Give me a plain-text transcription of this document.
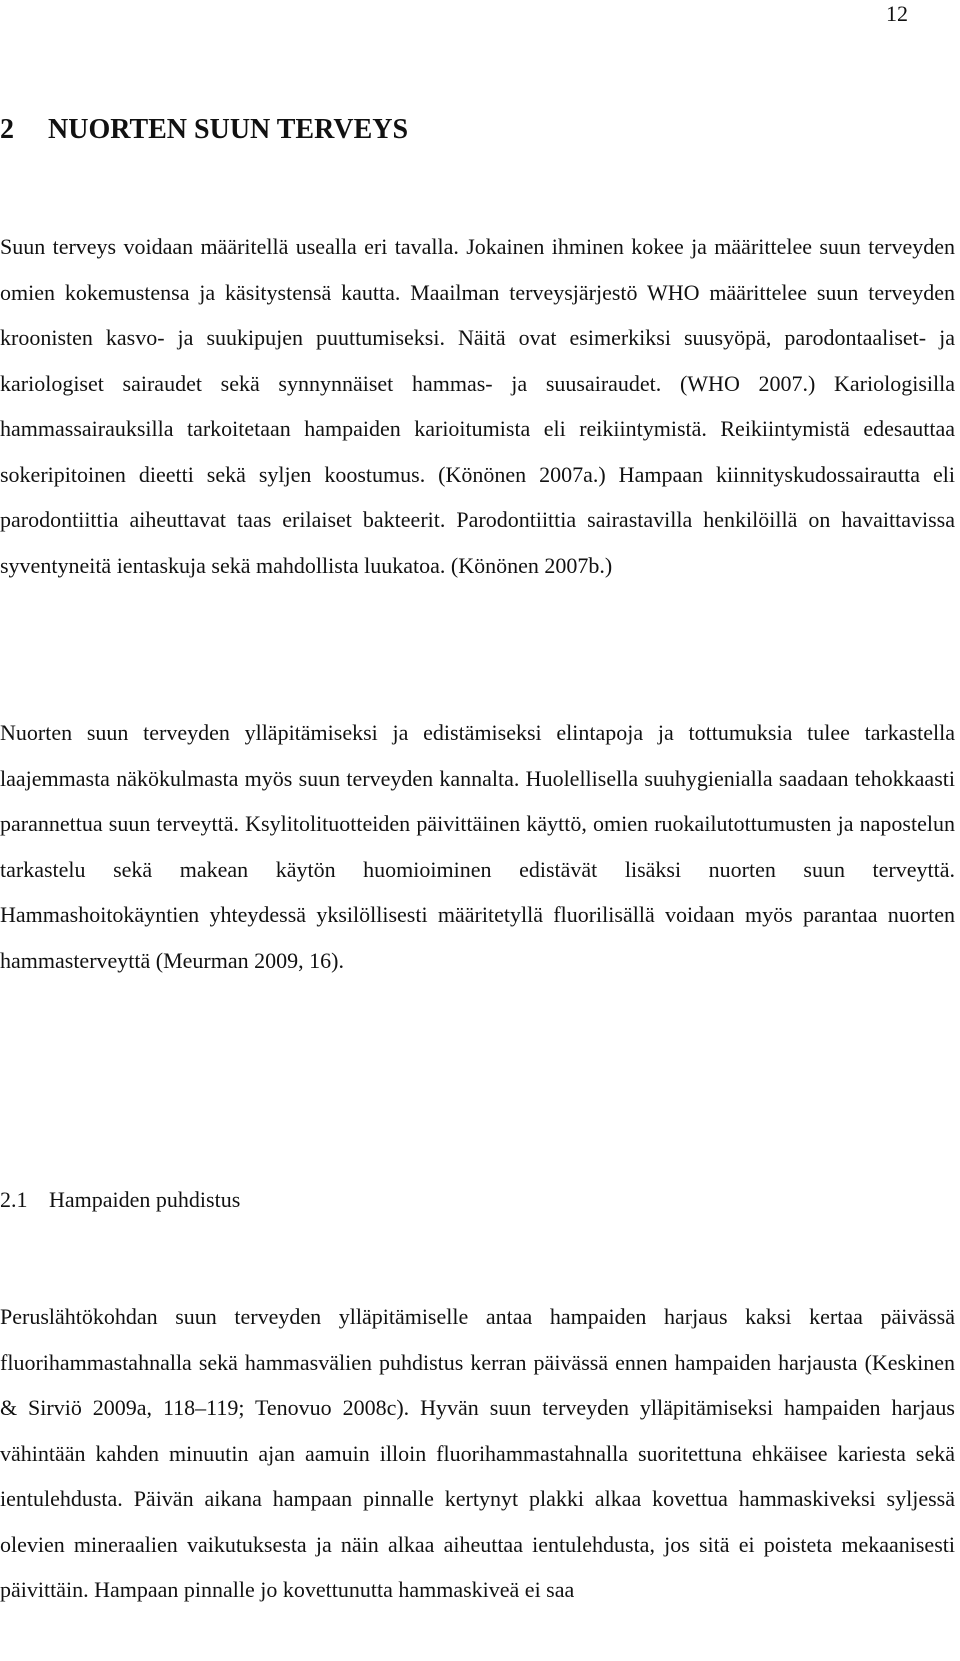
12
2 NUORTEN SUUN TERVEYS

Suun terveys voidaan määritellä usealla eri tavalla. Jokainen ihminen kokee ja määrittelee suun terveyden omien kokemustensa ja käsitystensä kautta. Maailman terveysjärjestö WHO määrittelee suun terveyden kroonisten kasvo- ja suukipujen puuttumiseksi. Näitä ovat esimerkiksi suusyöpä, parodontaaliset- ja kariologiset sairaudet sekä synnynnäiset hammas- ja suusairaudet. (WHO 2007.) Kariologisilla hammassairauksilla tarkoitetaan hampaiden karioitumista eli reikiintymistä. Reikiintymistä edesauttaa sokeripitoinen dieetti sekä syljen koostumus. (Könönen 2007a.) Hampaan kiinnityskudossairautta eli parodontiittia aiheuttavat taas erilaiset bakteerit. Parodontiittia sairastavilla henkilöillä on havaittavissa syventyneitä ientaskuja sekä mahdollista luukatoa. (Könönen 2007b.)

Nuorten suun terveyden ylläpitämiseksi ja edistämiseksi elintapoja ja tottumuksia tulee tarkastella laajemmasta näkökulmasta myös suun terveyden kannalta. Huolellisella suuhygienialla saadaan tehokkaasti parannettua suun terveyttä. Ksylitolituotteiden päivittäinen käyttö, omien ruokailutottumusten ja napostelun tarkastelu sekä makean käytön huomioiminen edistävät lisäksi nuorten suun terveyttä. Hammashoitokäyntien yhteydessä yksilöllisesti määritetyllä fluorilisällä voidaan myös parantaa nuorten hammasterveyttä (Meurman 2009, 16).

2.1 Hampaiden puhdistus

Peruslähtökohdan suun terveyden ylläpitämiselle antaa hampaiden harjaus kaksi kertaa päivässä fluorihammastahnalla sekä hammasvälien puhdistus kerran päivässä ennen hampaiden harjausta (Keskinen & Sirviö 2009a, 118–119; Tenovuo 2008c). Hyvän suun terveyden ylläpitämiseksi hampaiden harjaus vähintään kahden minuutin ajan aamuin illoin fluorihammastahnalla suoritettuna ehkäisee kariesta sekä ientulehdusta. Päivän aikana hampaan pinnalle kertynyt plakki alkaa kovettua hammaskiveksi syljessä olevien mineraalien vaikutuksesta ja näin alkaa aiheuttaa ientulehdusta, jos sitä ei poisteta mekaanisesti päivittäin. Hampaan pinnalle jo kovettunutta hammaskiveä ei saa
